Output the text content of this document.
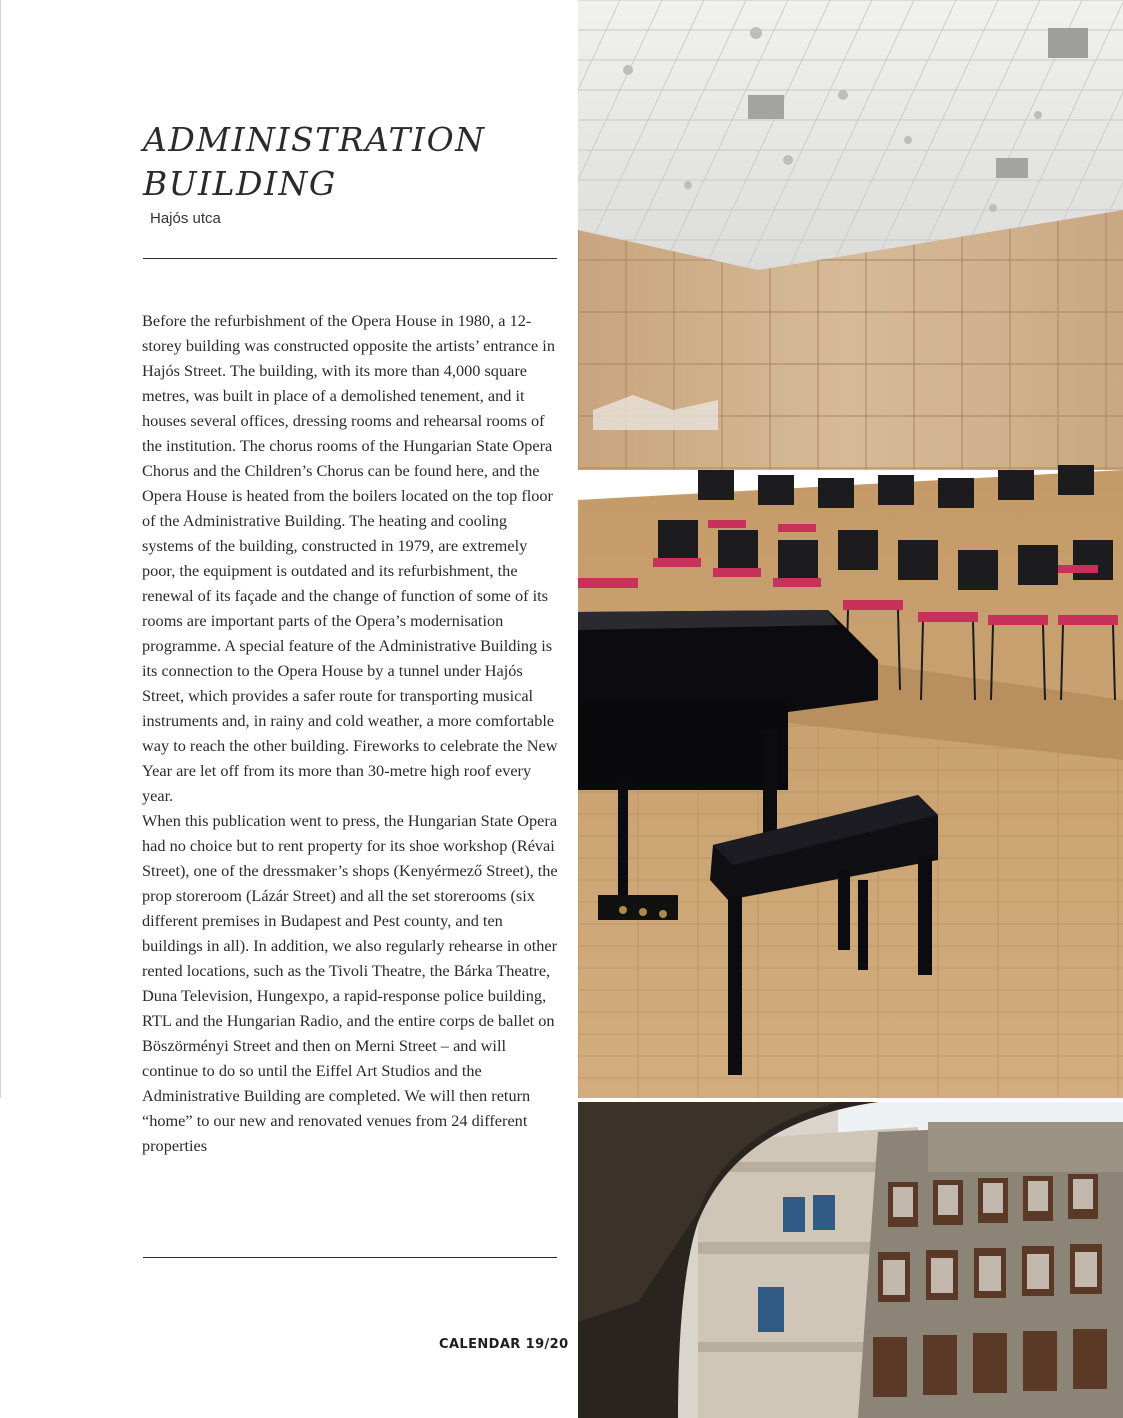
ADMINISTRATION
BUILDING
Hajós utca

Before the refurbishment of the Opera House in 1980, a 12-storey building was constructed opposite the artists’ entrance in Hajós Street. The building, with its more than 4,000 square metres, was built in place of a demolished tenement, and it houses several offices, dressing rooms and rehearsal rooms of the institution. The chorus rooms of the Hungarian State Opera Chorus and the Children’s Chorus can be found here, and the Opera House is heated from the boilers located on the top floor of the Administrative Building. The heating and cooling systems of the building, constructed in 1979, are extremely poor, the equipment is outdated and its refurbishment, the renewal of its façade and the change of function of some of its rooms are important parts of the Opera’s modernisation programme. A special feature of the Administrative Building is its connection to the Opera House by a tunnel under Hajós Street, which provides a safer route for transporting musical instruments and, in rainy and cold weather, a more comfortable way to reach the other building. Fireworks to celebrate the New Year are let off from its more than 30-metre high roof every year.

When this publication went to press, the Hungarian State Opera had no choice but to rent property for its shoe workshop (Révai Street), one of the dressmaker’s shops (Kenyérmező Street), the prop storeroom (Lázár Street) and all the set storerooms (six different premises in Budapest and Pest county, and ten buildings in all). In addition, we also regularly rehearse in other rented locations, such as the Tivoli Theatre, the Bárka Theatre, Duna Television, Hungexpo, a rapid-response police building, RTL and the Hungarian Radio, and the entire corps de ballet on Böszörményi Street and then on Merni Street – and will continue to do so until the Eiffel Art Studios and the Administrative Building are completed. We will then return “home” to our new and renovated venues from 24 different properties

CALENDAR 19/20
